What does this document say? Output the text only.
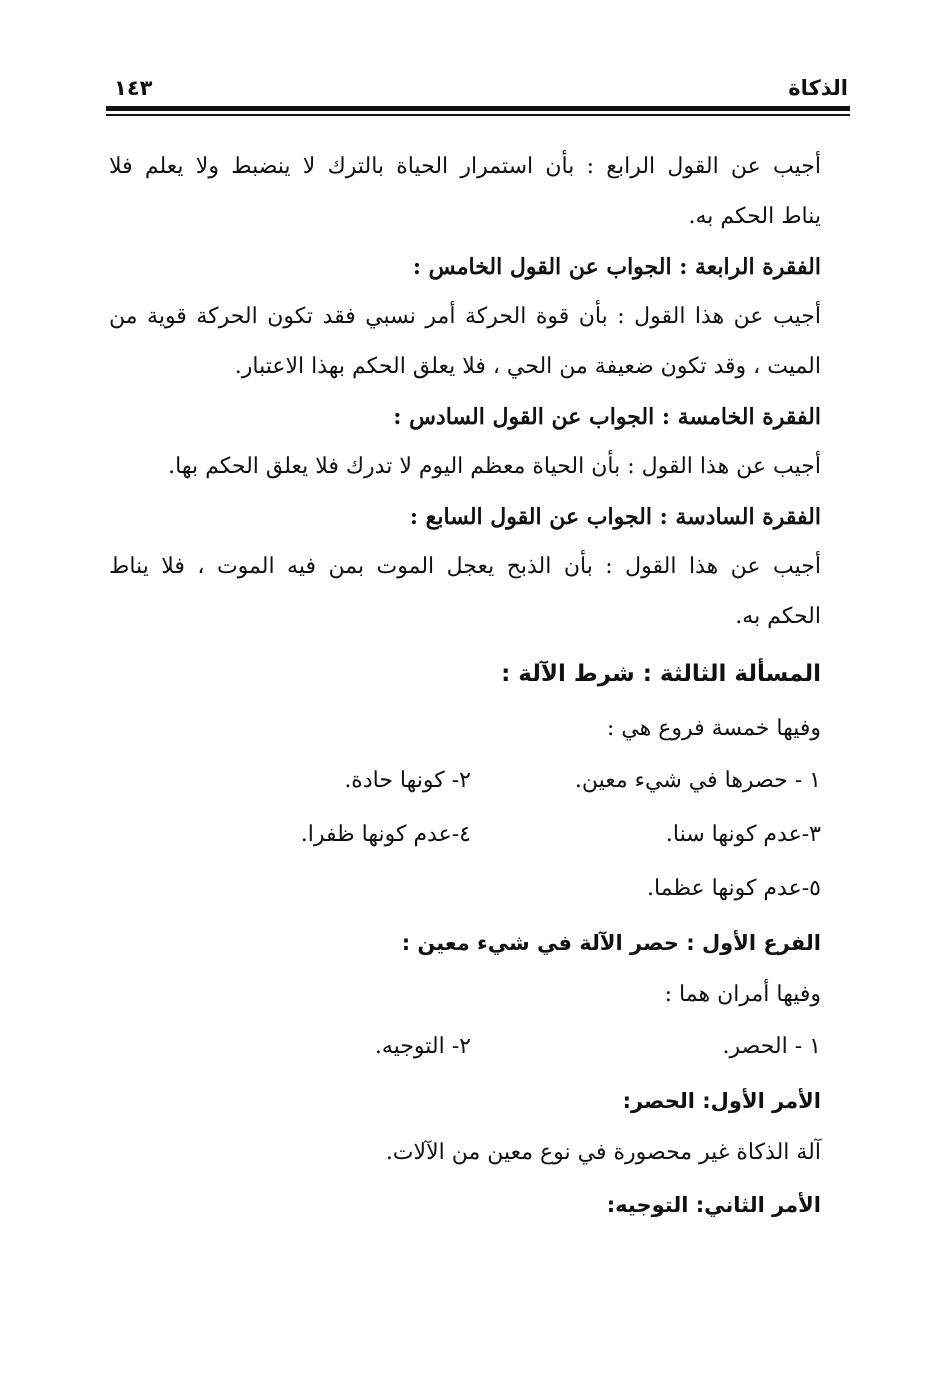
الذكاة
١٤٣

أجيب عن القول الرابع : بأن استمرار الحياة بالترك لا ينضبط ولا يعلم فلا

يناط الحكم به.

الفقرة الرابعة : الجواب عن القول الخامس :

أجيب عن هذا القول : بأن قوة الحركة أمر نسبي فقد تكون الحركة قوية من

الميت ، وقد تكون ضعيفة من الحي ، فلا يعلق الحكم بهذا الاعتبار.

الفقرة الخامسة : الجواب عن القول السادس :

أجيب عن هذا القول : بأن الحياة معظم اليوم لا تدرك فلا يعلق الحكم بها.

الفقرة السادسة : الجواب عن القول السابع :

أجيب عن هذا القول : بأن الذبح يعجل الموت بمن فيه الموت ، فلا يناط

الحكم به.

المسألة الثالثة : شرط الآلة :

وفيها خمسة فروع هي :

١ - حصرها في شيء معين.
٢- كونها حادة.
٣-عدم كونها سنا.
٤-عدم كونها ظفرا.
٥-عدم كونها عظما.

الفرع الأول : حصر الآلة في شيء معين :

وفيها أمران هما :

١ - الحصر.
٢- التوجيه.

الأمر الأول: الحصر:

آلة الذكاة غير محصورة في نوع معين من الآلات.

الأمر الثاني: التوجيه:
